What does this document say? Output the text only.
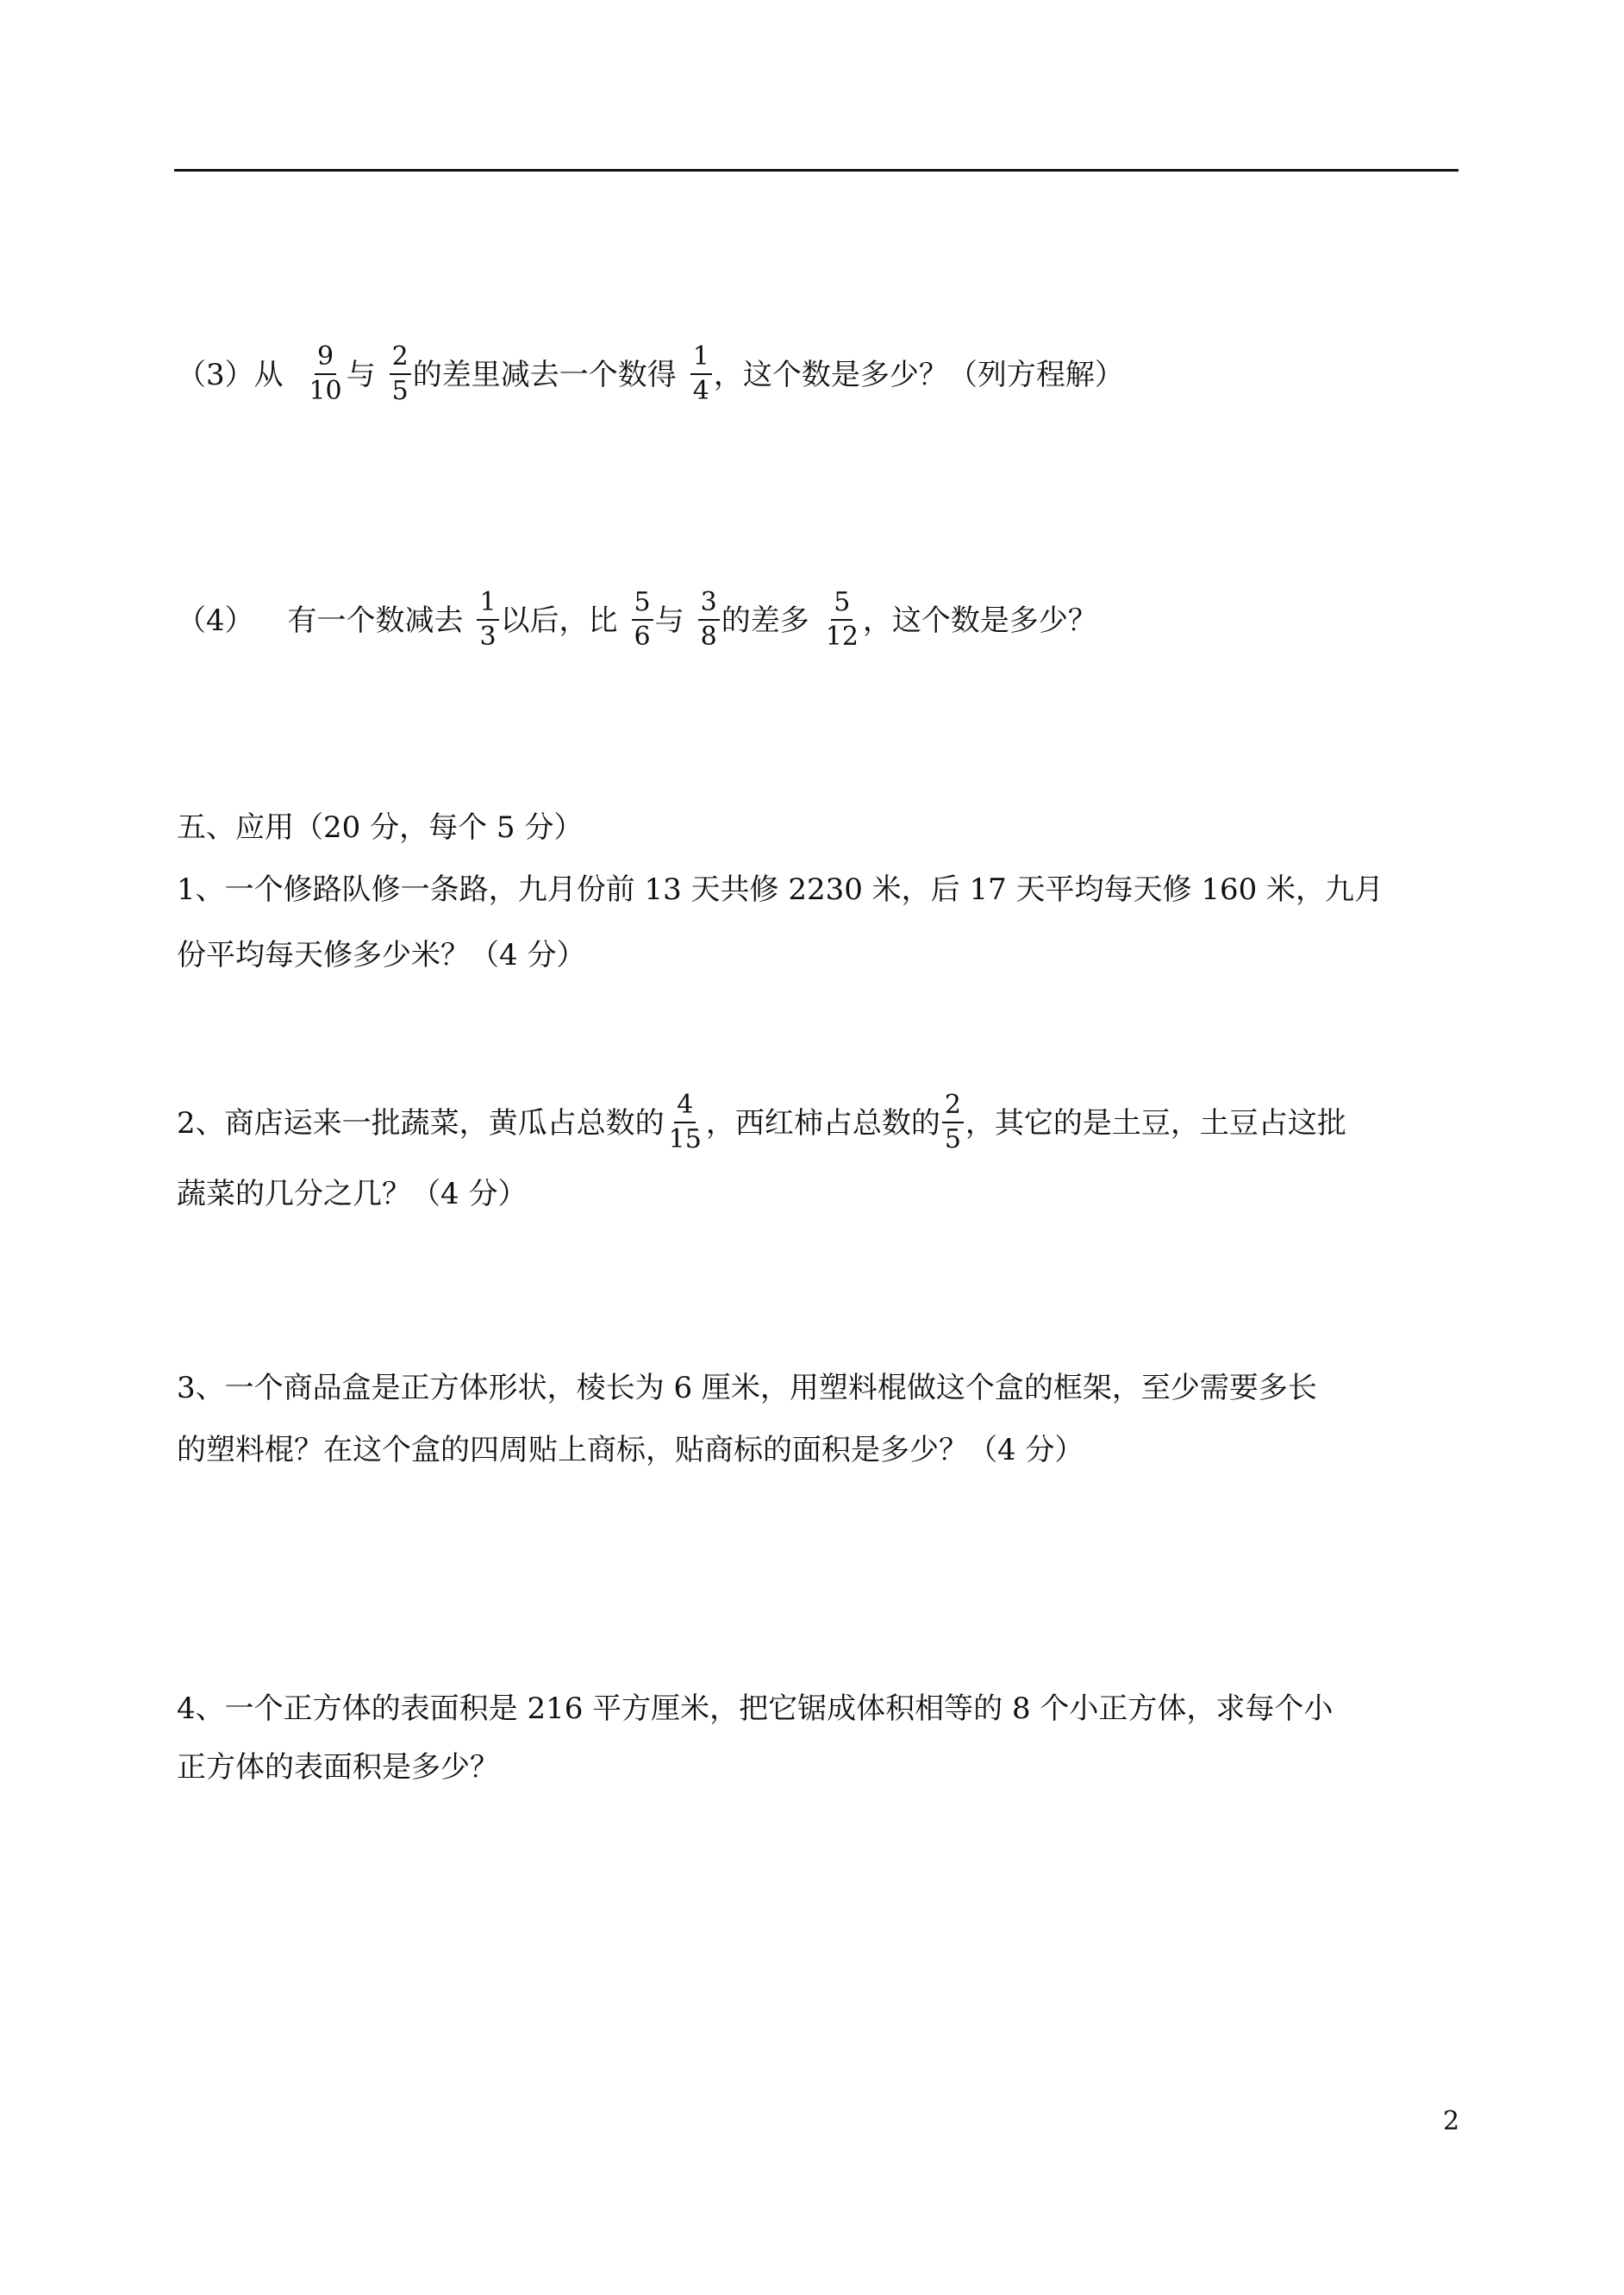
（3）从 $\frac{9}{10}$ 与 $\frac{2}{5}$ 的差里减去一个数得 $\frac{1}{4}$ ，这个数是多少？（列方程解）
（4） 有一个数减去 $\frac{1}{3}$ 以后，比 $\frac{5}{6}$ 与 $\frac{3}{8}$ 的差多 $\frac{5}{12}$ ，这个数是多少？
五、应用（20 分，每个 5 分）
1、一个修路队修一条路，九月份前 13 天共修 2230 米，后 17 天平均每天修 160 米，九月
份平均每天修多少米？（4 分）
2、商店运来一批蔬菜，黄瓜占总数的 $\frac{4}{15}$ ，西红柿占总数的 $\frac{2}{5}$ ，其它的是土豆，土豆占这批
蔬菜的几分之几？（4 分）
3、一个商品盒是正方体形状，棱长为 6 厘米，用塑料棍做这个盒的框架，至少需要多长
的塑料棍？在这个盒的四周贴上商标，贴商标的面积是多少？（4 分）
4、一个正方体的表面积是 216 平方厘米，把它锯成体积相等的 8 个小正方体，求每个小
正方体的表面积是多少？
2
